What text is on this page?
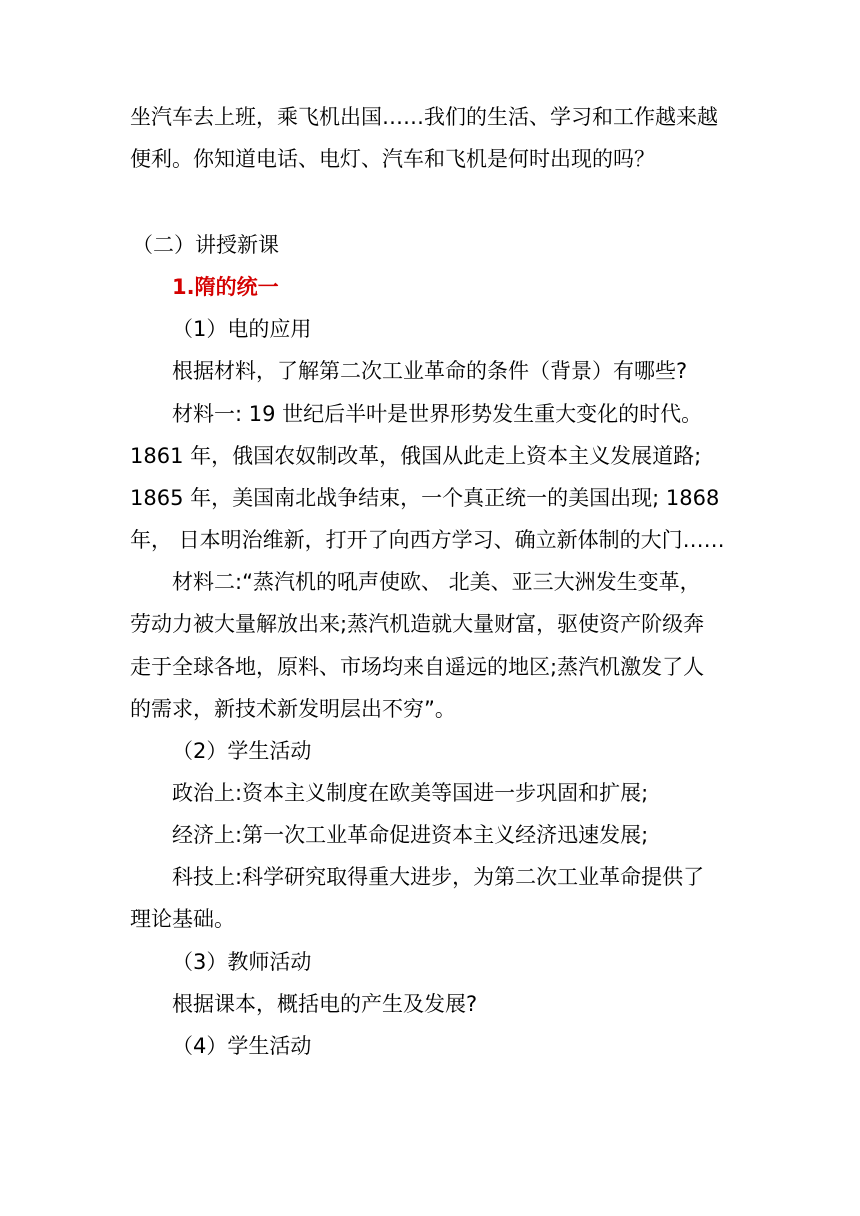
坐汽车去上班，乘飞机出国……我们的生活、学习和工作越来越
便利。你知道电话、电灯、汽车和飞机是何时出现的吗？
（二）讲授新课
1.隋的统一
（1）电的应用
根据材料，了解第二次工业革命的条件（背景）有哪些?
材料一: 19 世纪后半叶是世界形势发生重大变化的时代。
1861 年，俄国农奴制改革，俄国从此走上资本主义发展道路;
1865 年，美国南北战争结束，一个真正统一的美国出现; 1868
年， 日本明治维新，打开了向西方学习、确立新体制的大门……
材料二:“蒸汽机的吼声使欧、 北美、亚三大洲发生变革，
劳动力被大量解放出来;蒸汽机造就大量财富，驱使资产阶级奔
走于全球各地，原料、市场均来自遥远的地区;蒸汽机激发了人
的需求，新技术新发明层出不穷”。
（2）学生活动
政治上:资本主义制度在欧美等国进一步巩固和扩展;
经济上:第一次工业革命促进资本主义经济迅速发展;
科技上:科学研究取得重大进步，为第二次工业革命提供了
理论基础。
（3）教师活动
根据课本，概括电的产生及发展?
（4）学生活动
